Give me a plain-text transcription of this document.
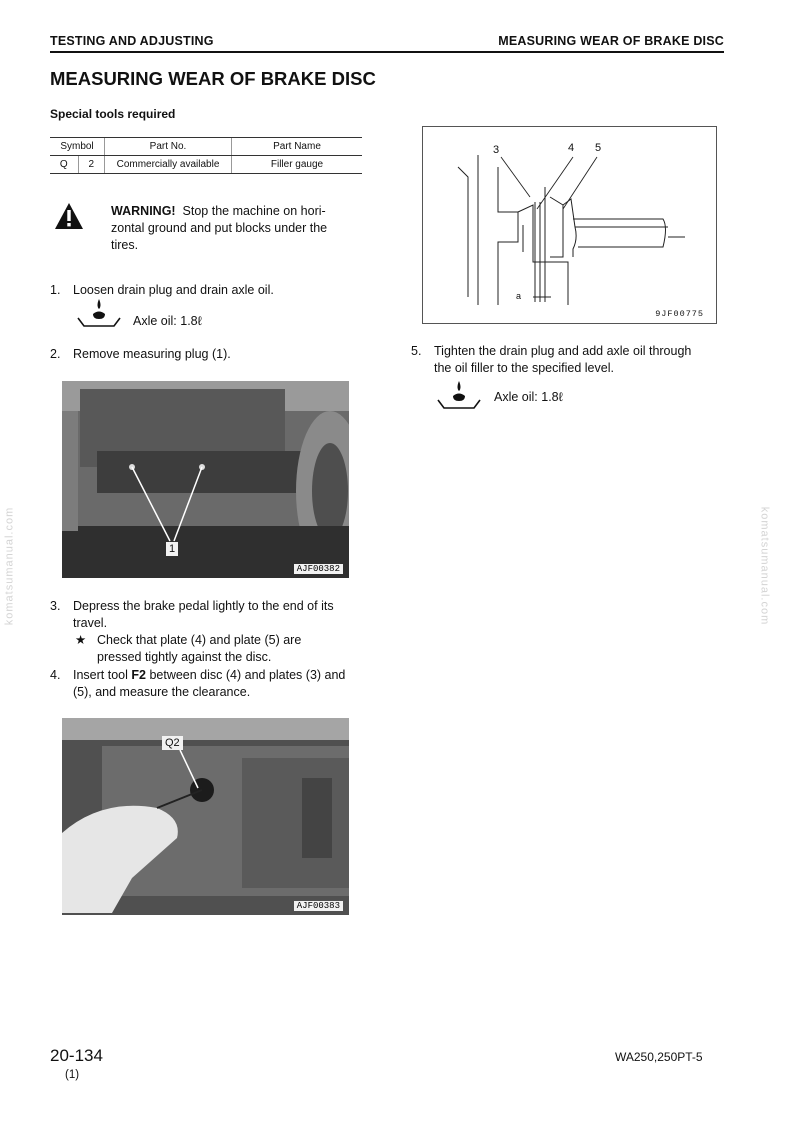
TESTING AND ADJUSTING	MEASURING WEAR OF BRAKE DISC
MEASURING WEAR OF BRAKE DISC
Special tools required
Symbol		Part No.	Part Name
Q	2	Commercially available	Filler gauge
WARNING! Stop the machine on hori-
zontal ground and put blocks under the
tires.
1. Loosen drain plug and drain axle oil.
Axle oil: 1.8ℓ
2. Remove measuring plug (1).
1
AJF00382
3. Depress the brake pedal lightly to the end of its
travel.
★ Check that plate (4) and plate (5) are
pressed tightly against the disc.
4. Insert tool F2 between disc (4) and plates (3) and
(5), and measure the clearance.
Q2
AJF00383
3	4 5
a
9JF00775
5. Tighten the drain plug and add axle oil through
the oil filler to the specified level.
Axle oil: 1.8ℓ
komatsumanual.com	komatsumanual.com
20-134
(1)
WA250,250PT-5
